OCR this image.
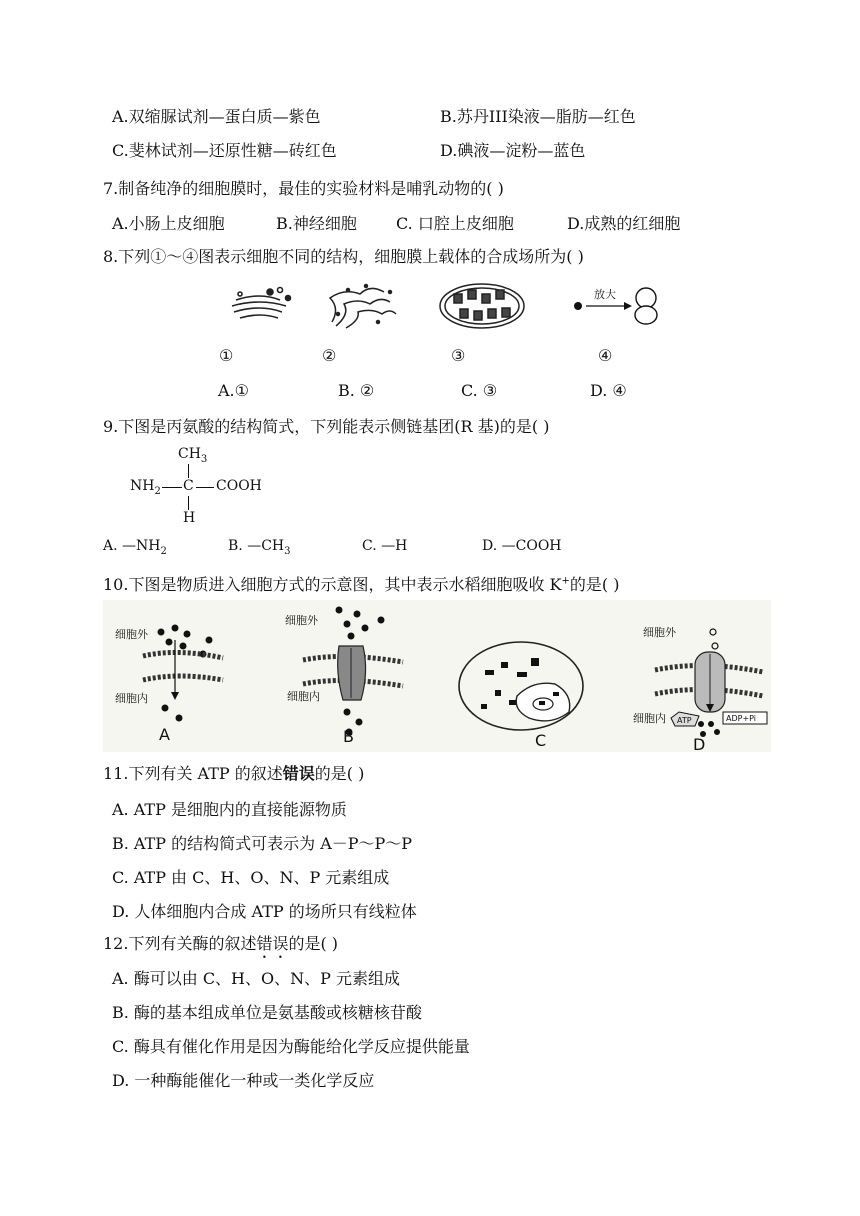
A.双缩脲试剂—蛋白质—紫色	B.苏丹III染液—脂肪—红色
C.斐林试剂—还原性糖—砖红色	D.碘液—淀粉—蓝色
7.制备纯净的细胞膜时，最佳的实验材料是哺乳动物的( )
A.小肠上皮细胞	B.神经细胞 C. 口腔上皮细胞	D.成熟的红细胞
8.下列①～④图表示细胞不同的结构，细胞膜上载体的合成场所为( )
放大
①	②	③	④
A.①	B. ②	C. ③	D. ④
9.下图是丙氨酸的结构简式，下列能表示侧链基团(R 基)的是( )
$CH_3$
$NH_2$ C COOH
H
A. $—NH_2$	B. $—CH_3$	C. —H	D. —COOH
10.下图是物质进入细胞方式的示意图，其中表示水稻细胞吸收 K+的是( )
细胞外
细胞内
A
细胞外
细胞内
B	C
细胞外
细胞内 ATP	ADP+Pi
D
11.下列有关 ATP 的叙述错误的是( )
A. ATP 是细胞内的直接能源物质
B. ATP 的结构简式可表示为 A－P～P～P
C. ATP 由 C、H、O、N、P 元素组成
D. 人体细胞内合成 ATP 的场所只有线粒体
12.下列有关酶的叙述错误的是( )
A. 酶可以由 C、H、O、N、P 元素组成
B. 酶的基本组成单位是氨基酸或核糖核苷酸
C. 酶具有催化作用是因为酶能给化学反应提供能量
D. 一种酶能催化一种或一类化学反应
